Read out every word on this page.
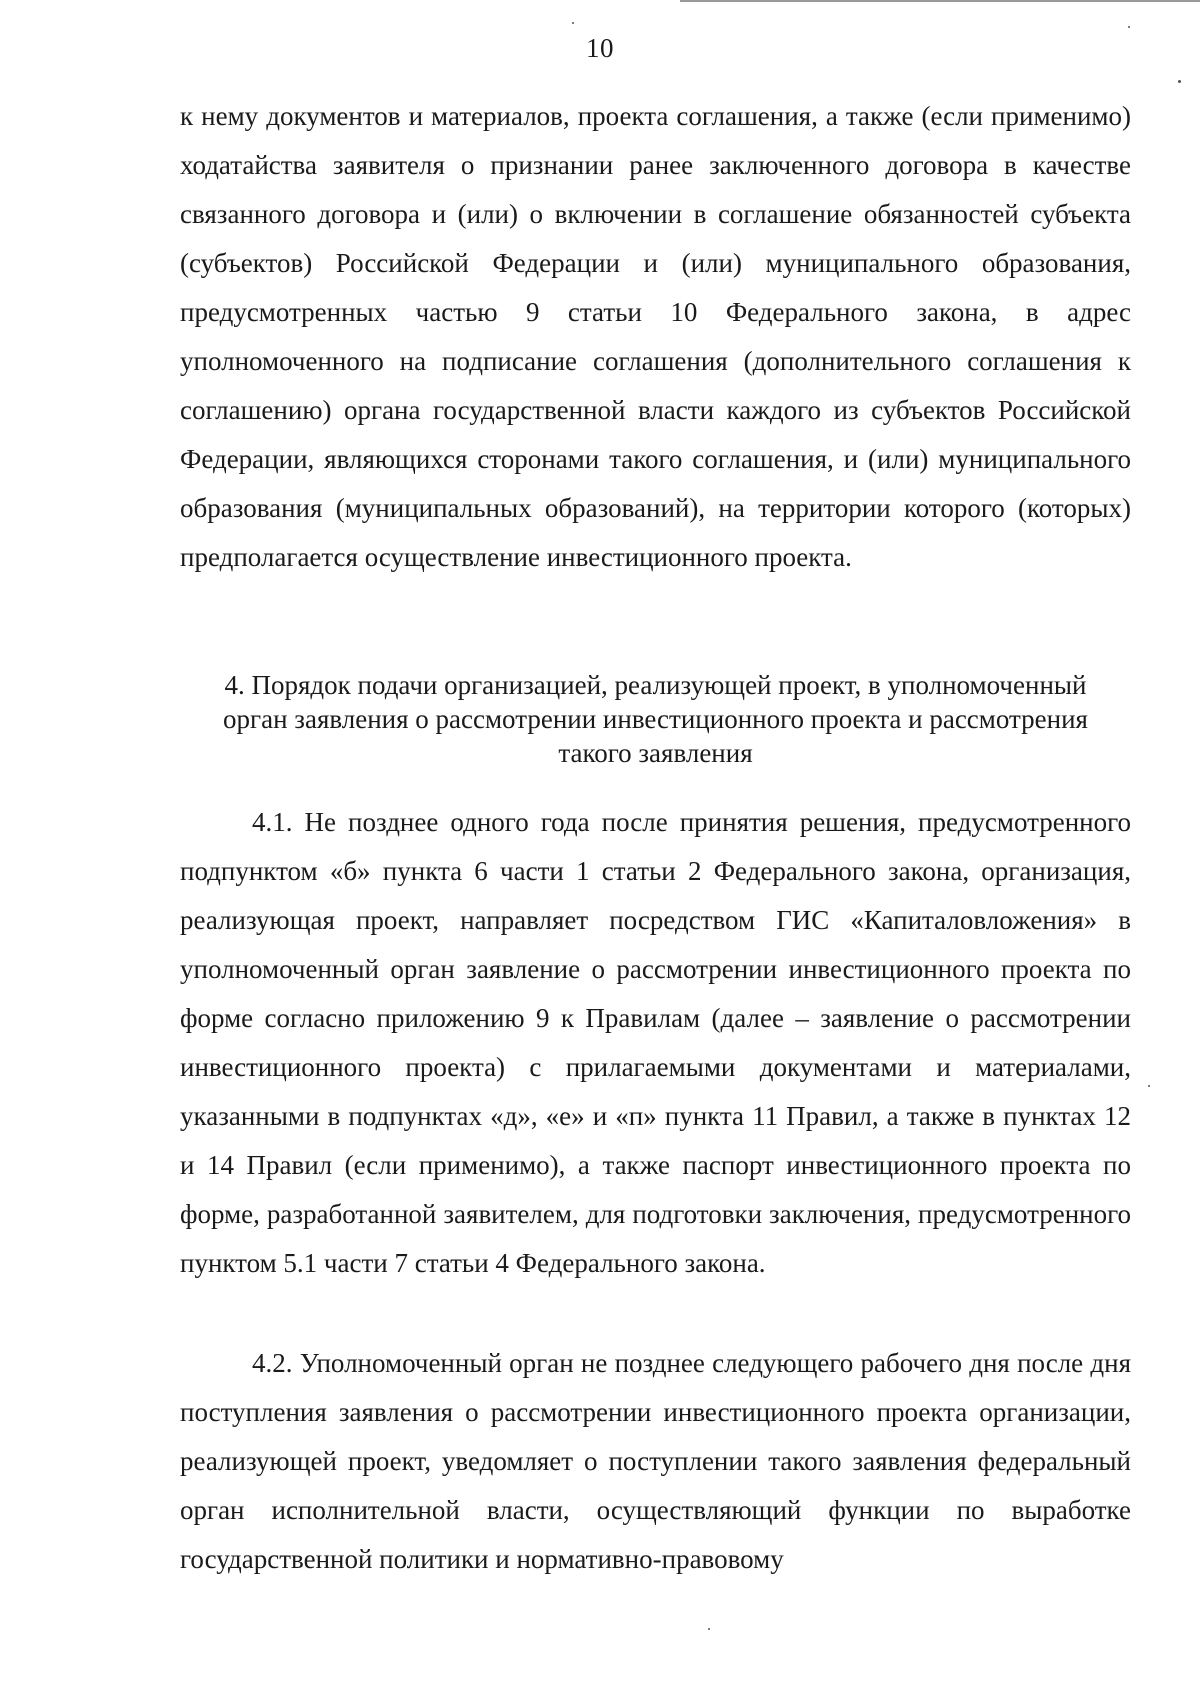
10

к нему документов и материалов, проекта соглашения, а также (если применимо) ходатайства заявителя о признании ранее заключенного договора в качестве связанного договора и (или) о включении в соглашение обязанностей субъекта (субъектов) Российской Федерации и (или) муниципального образования, предусмотренных частью 9 статьи 10 Федерального закона, в адрес уполномоченного на подписание соглашения (дополнительного соглашения к соглашению) органа государственной власти каждого из субъектов Российской Федерации, являющихся сторонами такого соглашения, и (или) муниципального образования (муниципальных образований), на территории которого (которых) предполагается осуществление инвестиционного проекта.

4. Порядок подачи организацией, реализующей проект, в уполномоченный
орган заявления о рассмотрении инвестиционного проекта и рассмотрения
такого заявления

4.1. Не позднее одного года после принятия решения, предусмотренного подпунктом «б» пункта 6 части 1 статьи 2 Федерального закона, организация, реализующая проект, направляет посредством ГИС «Капиталовложения» в уполномоченный орган заявление о рассмотрении инвестиционного проекта по форме согласно приложению 9 к Правилам (далее – заявление о рассмотрении инвестиционного проекта) с прилагаемыми документами и материалами, указанными в подпунктах «д», «е» и «п» пункта 11 Правил, а также в пунктах 12 и 14 Правил (если применимо), а также паспорт инвестиционного проекта по форме, разработанной заявителем, для подготовки заключения, предусмотренного пунктом 5.1 части 7 статьи 4 Федерального закона.

4.2. Уполномоченный орган не позднее следующего рабочего дня после дня поступления заявления о рассмотрении инвестиционного проекта организации, реализующей проект, уведомляет о поступлении такого заявления федеральный орган исполнительной власти, осуществляющий функции по выработке государственной политики и нормативно-правовому
